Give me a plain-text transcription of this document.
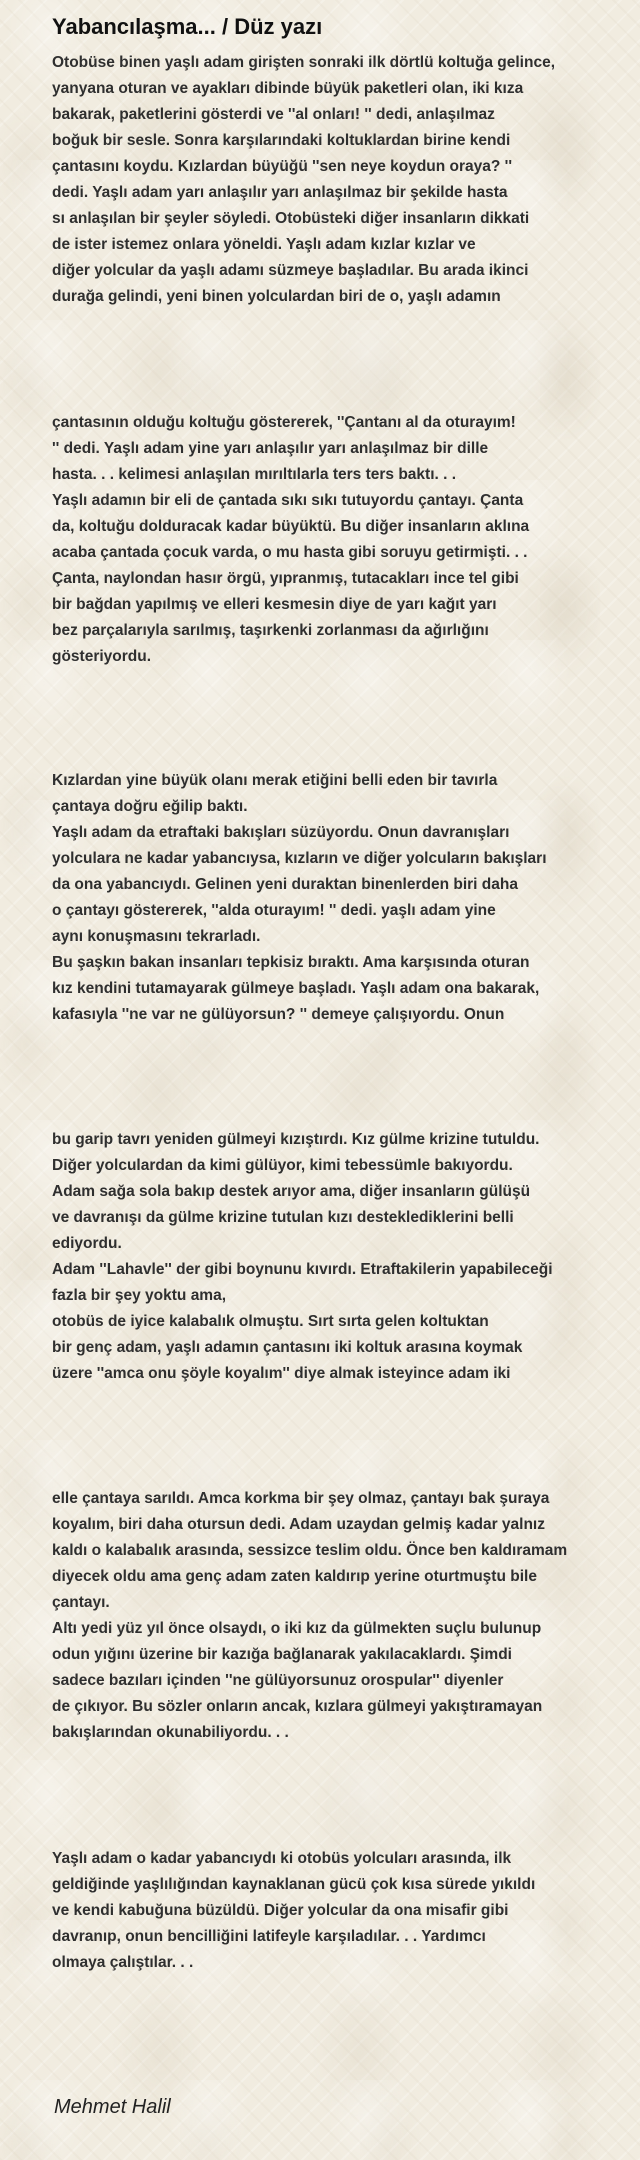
Yabancılaşma... / Düz yazı
Otobüse binen yaşlı adam girişten sonraki ilk dörtlü koltuğa gelince,
yanyana oturan ve ayakları dibinde büyük paketleri olan, iki kıza
bakarak, paketlerini gösterdi ve ''al onları! '' dedi, anlaşılmaz
boğuk bir sesle. Sonra karşılarındaki koltuklardan birine kendi
çantasını koydu. Kızlardan büyüğü ''sen neye koydun oraya? ''
dedi. Yaşlı adam yarı anlaşılır yarı anlaşılmaz bir şekilde hasta
sı anlaşılan bir şeyler söyledi. Otobüsteki diğer insanların dikkati
de ister istemez onlara yöneldi. Yaşlı adam kızlar kızlar ve
diğer yolcular da yaşlı adamı süzmeye başladılar. Bu arada ikinci
durağa gelindi, yeni binen yolculardan biri de o, yaşlı adamın
çantasının olduğu koltuğu göstererek, ''Çantanı al da oturayım!
'' dedi. Yaşlı adam yine yarı anlaşılır yarı anlaşılmaz bir dille
hasta. . . kelimesi anlaşılan mırıltılarla ters ters baktı. . .
Yaşlı adamın bir eli de çantada sıkı sıkı tutuyordu çantayı. Çanta
da, koltuğu dolduracak kadar büyüktü. Bu diğer insanların aklına
acaba çantada çocuk varda, o mu hasta gibi soruyu getirmişti. . .
Çanta, naylondan hasır örgü, yıpranmış, tutacakları ince tel gibi
bir bağdan yapılmış ve elleri kesmesin diye de yarı kağıt yarı
bez parçalarıyla sarılmış, taşırkenki zorlanması da ağırlığını
gösteriyordu.
Kızlardan yine büyük olanı merak etiğini belli eden bir tavırla
çantaya doğru eğilip baktı.
Yaşlı adam da etraftaki bakışları süzüyordu. Onun davranışları
yolculara ne kadar yabancıysa, kızların ve diğer yolcuların bakışları
da ona yabancıydı. Gelinen yeni duraktan binenlerden biri daha
o çantayı göstererek, ''alda oturayım! '' dedi. yaşlı adam yine
aynı konuşmasını tekrarladı.
Bu şaşkın bakan insanları tepkisiz bıraktı. Ama karşısında oturan
kız kendini tutamayarak gülmeye başladı. Yaşlı adam ona bakarak,
kafasıyla ''ne var ne gülüyorsun? '' demeye çalışıyordu. Onun
bu garip tavrı yeniden gülmeyi kızıştırdı. Kız gülme krizine tutuldu.
Diğer yolculardan da kimi gülüyor, kimi tebessümle bakıyordu.
Adam sağa sola bakıp destek arıyor ama, diğer insanların gülüşü
ve davranışı da gülme krizine tutulan kızı desteklediklerini belli
ediyordu.
Adam ''Lahavle'' der gibi boynunu kıvırdı. Etraftakilerin yapabileceği
fazla bir şey yoktu ama,
otobüs de iyice kalabalık olmuştu. Sırt sırta gelen koltuktan
bir genç adam, yaşlı adamın çantasını iki koltuk arasına koymak
üzere ''amca onu şöyle koyalım'' diye almak isteyince adam iki
elle çantaya sarıldı. Amca korkma bir şey olmaz, çantayı bak şuraya
koyalım, biri daha otursun dedi. Adam uzaydan gelmiş kadar yalnız
kaldı o kalabalık arasında, sessizce teslim oldu. Önce ben kaldıramam
diyecek oldu ama genç adam zaten kaldırıp yerine oturtmuştu bile
çantayı.
Altı yedi yüz yıl önce olsaydı, o iki kız da gülmekten suçlu bulunup
odun yığını üzerine bir kazığa bağlanarak yakılacaklardı. Şimdi
sadece bazıları içinden ''ne gülüyorsunuz orospular'' diyenler
de çıkıyor. Bu sözler onların ancak, kızlara gülmeyi yakıştıramayan
bakışlarından okunabiliyordu. . .
Yaşlı adam o kadar yabancıydı ki otobüs yolcuları arasında, ilk
geldiğinde yaşlılığından kaynaklanan gücü çok kısa sürede yıkıldı
ve kendi kabuğuna büzüldü. Diğer yolcular da ona misafir gibi
davranıp, onun bencilliğini latifeyle karşıladılar. . . Yardımcı
olmaya çalıştılar. . .
Mehmet Halil
